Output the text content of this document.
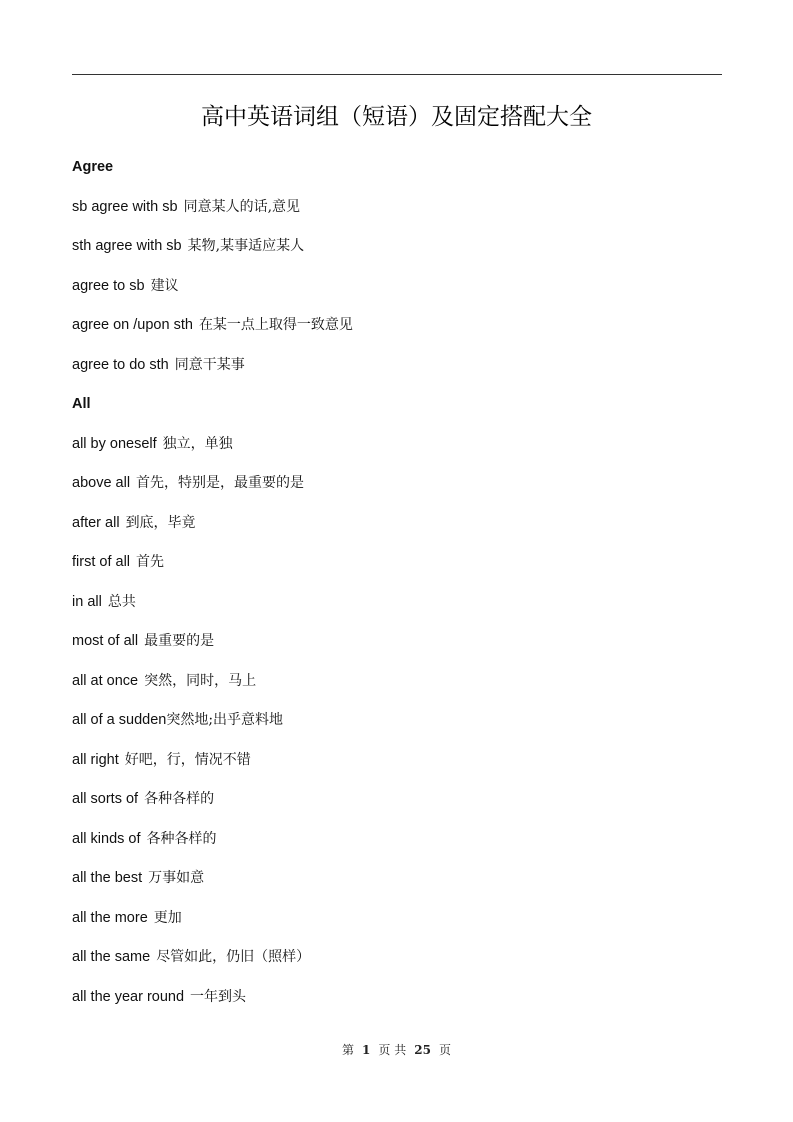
高中英语词组（短语）及固定搭配大全
Agree
sb agree with sb 同意某人的话,意见
sth agree with sb 某物,某事适应某人
agree to sb 建议
agree on /upon sth 在某一点上取得一致意见
agree to do sth 同意干某事
All
all by oneself 独立，单独
above all 首先，特别是，最重要的是
after all 到底，毕竟
first of all 首先
in all 总共
most of all 最重要的是
all at once 突然，同时，马上
all of a sudden突然地;出乎意料地
all right 好吧，行，情况不错
all sorts of 各种各样的
all kinds of 各种各样的
all the best 万事如意
all the more 更加
all the same 尽管如此，仍旧（照样）
all the year round 一年到头
第 1 页 共 25 页
